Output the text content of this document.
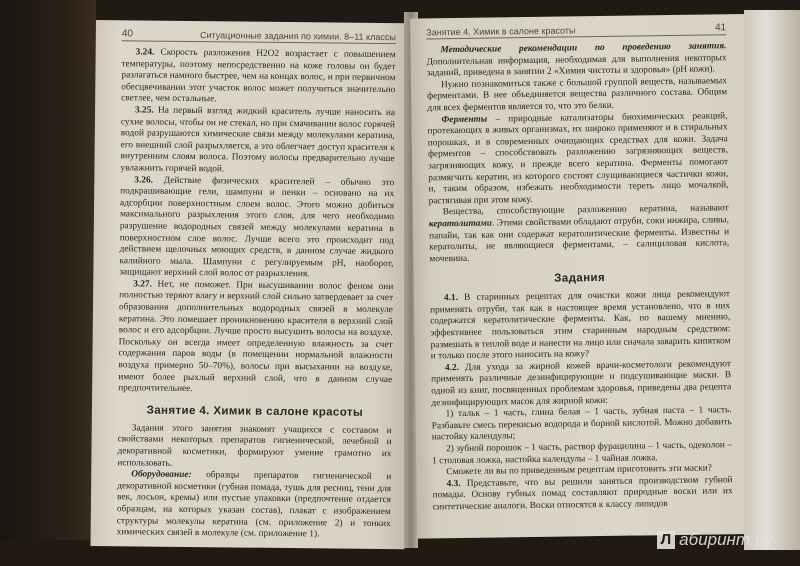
40	Ситуационные задания по химии. 8–11 классы

3.24. Скорость разложения H2O2 возрастает с повышением температуры, поэтому непосредственно на коже головы он будет разлагаться намного быстрее, чем на концах волос, и при первичном обесцвечивании этот участок волос может получиться значительно светлее, чем остальные.

3.25. На первый взгляд жидкий краситель лучше наносить на сухие волосы, чтобы он не стекал, но при смачивании волос горячей водой разрушаются химические связи между молекулами кератина, его внешний слой разрыхляется, а это облегчает доступ красителя к внутренним слоям волоса. Поэтому волосы предварительно лучше увлажнить горячей водой.

3.26. Действие физических красителей – обычно это подкрашивающие гели, шампуни и пенки – основано на их адсорбции поверхностным слоем волос. Этого можно добиться максимального разрыхления этого слоя, для чего необходимо разрушение водородных связей между молекулами кератина в поверхностном слое волос. Лучше всего это происходит под действием щелочных моющих средств, в данном случае жидкого калийного мыла. Шампуни с регулируемым pH, наоборот, защищают верхний слой волос от разрыхления.

3.27. Нет, не поможет. При высушивании волос феном они полностью теряют влагу и верхний слой сильно затвердевает за счет образования дополнительных водородных связей в молекуле кератина. Это помешает проникновению красителя в верхний слой волос и его адсорбции. Лучше просто высушить волосы на воздухе. Поскольку он всегда имеет определенную влажность за счет содержания паров воды (в помещении нормальной влажности воздуха примерно 50–70%), волосы при высыхании на воздухе, имеют более рыхлый верхний слой, что в данном случае предпочтительнее.

Занятие 4. Химик в салоне красоты

Задания этого занятия знакомят учащихся с составом и свойствами некоторых препаратов гигиенической, лечебной и декоративной косметики, формируют умение грамотно их использовать.

Оборудование: образцы препаратов гигиенической и декоративной косметики (губная помада, тушь для ресниц, тени для век, лосьон, кремы) или пустые упаковки (предпочтение отдается образцам, на которых указан состав), плакат с изображением структуры молекулы кератина (см. приложение 2) и тонких химических связей в молекуле (см. приложение 1).

Занятие 4. Химик в салоне красоты	41

Методические рекомендации по проведению занятия. Дополнительная информация, необходимая для выполнения некоторых заданий, приведена в занятии 2 «Химия чистоты и здоровья» (pH кожи).

Нужно познакомиться также с большой группой веществ, называемых ферментами. В нее объединяется вещества различного состава. Общим для всех ферментов является то, что это белки.

Ферменты – природные катализаторы биохимических реакций, протекающих в живых организмах, их широко применяют и в стиральных порошках, и в современных очищающих средствах для кожи. Задача ферментов – способствовать разложению загрязняющих веществ, загрязняющих кожу, и прежде всего кератина. Ферменты помогают размягчить кератин, из которого состоят слущивающиеся частички кожи, и, таким образом, избежать необходимости тереть лицо мочалкой, растягивая при этом кожу.

Вещества, способствующие разложению кератина, называют кератолитами. Этими свойствами обладают отруби, соки инжира, сливы, папайи, так как они содержат кератолитические ферменты. Известны и кератолиты, не являющиеся ферментами, – салициловая кислота, мочевина.

Задания

4.1. В старинных рецептах для очистки кожи лица рекомендуют применять отруби, так как в настоящее время установлено, что в них содержатся кератолитические ферменты. Как, по вашему мнению, эффективнее пользоваться этим старинным народным средством: размешать в теплой воде и нанести на лицо или сначала заварить кипятком и только после этого наносить на кожу?

4.2. Для ухода за жирной кожей врачи-косметологи рекомендуют применять различные дезинфицирующие и подсушивающие маски. В одной из книг, посвященных проблемам здоровья, приведены два рецепта дезинфицирующих масок для жирной кожи:

1) тальк – 1 часть, глина белая – 1 часть, зубная паста – 1 часть. Разбавьте смесь перекисью водорода и борной кислотой. Можно добавить настойку календулы;

2) зубной порошок – 1 часть, раствор фурацилина – 1 часть, одеколон – 1 столовая ложка, настойка календулы – 1 чайная ложка.

Сможете ли вы по приведенным рецептам приготовить эти маски?

4.3. Представьте, что вы решили заняться производством губной помады. Основу губных помад составляют природные воски или их синтетические аналоги. Воски относятся к классу липидов

Л абиринт.ру
